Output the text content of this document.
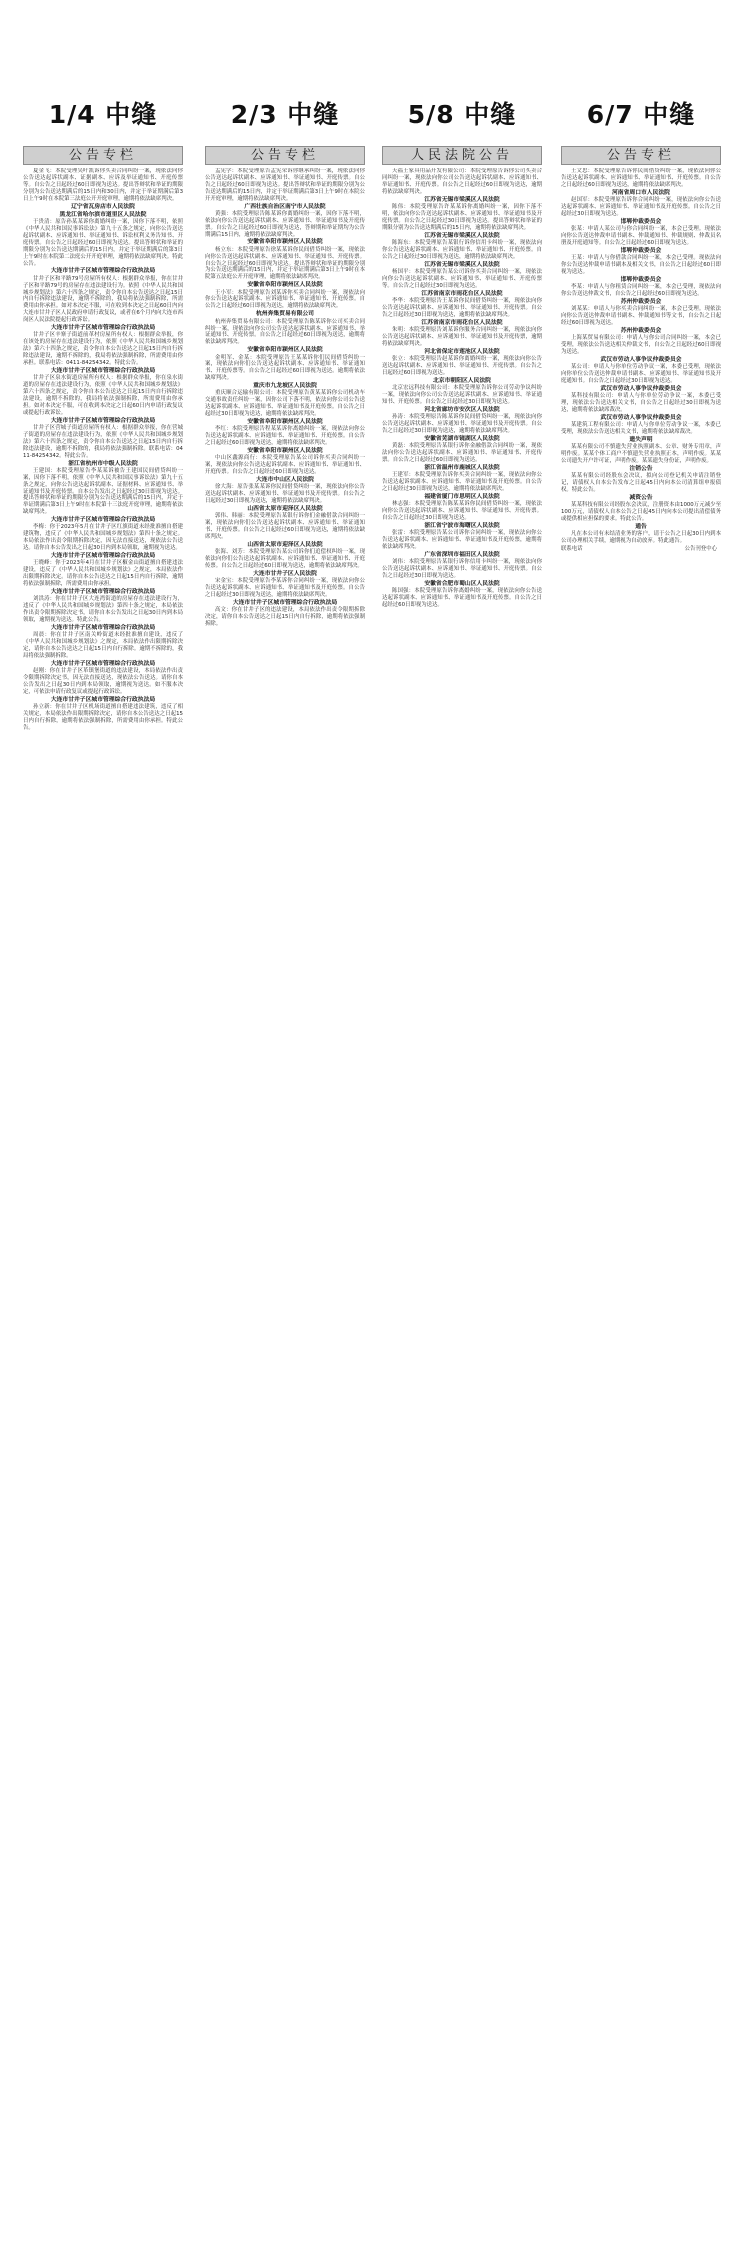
1/4 中缝
公告专栏

夏金飞：本院受理吴叶凯诉你买卖合同纠纷一案，现依法向你公告送达起诉状副本、证据副本、应诉及举证通知书、开庭传票等。自公告之日起经过60日即视为送达。提出答辩状和举证的期限分别为公告送达期满后的15日内和30日内，并定于举证期满后第3日上午9时在本院第三法庭公开开庭审理，逾期将依法缺席判决。

辽宁省瓦房店市人民法院
黑龙江省哈尔滨市道里区人民法院

于贵清：原告孙某某诉你离婚纠纷一案，因你下落不明，依照《中华人民共和国民事诉讼法》第九十五条之规定，向你公告送达起诉状副本、应诉通知书、举证通知书、诉讼权利义务告知书、开庭传票。自公告之日起经过60日即视为送达。提出答辩状和举证的期限分别为公告送达期满后的15日内，并定于举证期满后的第3日上午9时在本院第二法庭公开开庭审理，逾期将依法缺席判决。特此公告。

大连市甘井子区城市管理综合行政执法局

甘井子区和平路79号房屋所有权人：根据群众举报，你在甘井子区和平路79号的房屋存在违法建设行为。依照《中华人民共和国城乡规划法》第六十四条之规定，责令你自本公告送达之日起15日内自行拆除违法建设，逾期不拆除的，我局将依法强制拆除，所需费用由你承担。如对本决定不服，可在收到本决定之日起60日内向大连市甘井子区人民政府申请行政复议，或者在6个月内向大连市西岗区人民法院提起行政诉讼。

大连市甘井子区城市管理综合行政执法局

甘井子区辛寨子街道前革村房屋所有权人：根据群众举报，你在该处的房屋存在违法建设行为，依照《中华人民共和国城乡规划法》第六十四条之规定，责令你自本公告送达之日起15日内自行拆除违法建设，逾期不拆除的，我局将依法强制拆除，所需费用由你承担。联系电话：0411-84254342。特此公告。

大连市甘井子区城市管理综合行政执法局

甘井子区泉水街道房屋所有权人：根据群众举报，你在泉水街道的房屋存在违法建设行为，依照《中华人民共和国城乡规划法》第六十四条之规定，责令你自本公告送达之日起15日内自行拆除违法建设，逾期不拆除的，我局将依法强制拆除，所需费用由你承担。如对本决定不服，可在收到本决定之日起60日内申请行政复议或提起行政诉讼。

大连市甘井子区城市管理综合行政执法局

甘井子区营城子街道房屋所有权人：根据群众举报，你在营城子街道的房屋存在违法建设行为，依照《中华人民共和国城乡规划法》第六十四条之规定，责令你自本公告送达之日起15日内自行拆除违法建设，逾期不拆除的，我局将依法强制拆除。联系电话：0411-84254342。特此公告。

浙江省杭州市中级人民法院

王建国：本院受理原告李某某诉被告王建国民间借贷纠纷一案，因你下落不明，依照《中华人民共和国民事诉讼法》第九十五条之规定，向你公告送达起诉状副本、证据材料、应诉通知书、举证通知书及开庭传票。自本公告发出之日起经过30日即视为送达。提出答辩状和举证的期限分别为公告送达期满后的15日内，并定于举证期满后第3日上午9时在本院第十三法庭开庭审理，逾期将依法缺席判决。

大连市甘井子区城市管理综合行政执法局

李梅：你于2023年5月在甘井子区红旗街道未经批准擅自搭建建筑物，违反了《中华人民共和国城乡规划法》第四十条之规定。本局依法作出责令限期拆除决定，因无法直接送达，现依法公告送达。请你自本公告发出之日起30日内到本局领取，逾期视为送达。

大连市甘井子区城市管理综合行政执法局

王晓峰：你于2023年4月在甘井子区椒金山街道擅自搭建违法建设，违反了《中华人民共和国城乡规划法》之规定，本局依法作出限期拆除决定。请你自本公告送达之日起15日内自行拆除，逾期将依法强制拆除，所需费用由你承担。

大连市甘井子区城市管理综合行政执法局

刘洪涛：你在甘井子区大连湾街道的房屋存在违法建设行为，违反了《中华人民共和国城乡规划法》第四十条之规定，本局依法作出责令限期拆除决定书，请你自本公告发出之日起30日内到本局领取，逾期视为送达。特此公告。

大连市甘井子区城市管理综合行政执法局

周晨：你在甘井子区南关岭街道未经批准擅自建设，违反了《中华人民共和国城乡规划法》之规定，本局依法作出限期拆除决定，请你自本公告送达之日起15日内自行拆除。逾期不拆除的，我局将依法强制拆除。

大连市甘井子区城市管理综合行政执法局

赵刚：你在甘井子区革镇堡街道的违法建设，本局依法作出责令限期拆除决定书，因无法直接送达，现依法公告送达。请你自本公告发出之日起30日内到本局领取，逾期视为送达。如不服本决定，可依法申请行政复议或提起行政诉讼。

大连市甘井子区城市管理综合行政执法局

孙立新：你在甘井子区机场街道擅自搭建违法建筑，违反了相关规定，本局依法作出限期拆除决定，请你自本公告送达之日起15日内自行拆除，逾期将依法强制拆除，所需费用由你承担。特此公告。

2/3 中缝
公告专栏

孟宪学：本院受理原告孟宪荣诉你继承纠纷一案，现依法向你公告送达起诉状副本、应诉通知书、举证通知书、开庭传票。自公告之日起经过60日即视为送达。提出答辩状和举证的期限分别为公告送达期满后的15日内，并定于举证期满后第3日上午9时在本院公开开庭审理，逾期将依法缺席判决。

广西壮族自治区南宁市人民法院

黄强：本院受理原告陈某诉你离婚纠纷一案，因你下落不明，依法向你公告送达起诉状副本、应诉通知书、举证通知书及开庭传票。自公告之日起经过60日即视为送达，答辩期和举证期均为公告期满后15日内，逾期将依法缺席判决。

安徽省阜阳市颍州区人民法院

杨立东：本院受理原告徐某某诉你民间借贷纠纷一案，现依法向你公告送达起诉状副本、应诉通知书、举证通知书、开庭传票。自公告之日起经过60日即视为送达。提出答辩状和举证的期限分别为公告送达期满后的15日内，并定于举证期满后第3日上午9时在本院第五法庭公开开庭审理，逾期将依法缺席判决。

安徽省阜阳市颍州区人民法院

王小军：本院受理原告刘某诉你买卖合同纠纷一案，现依法向你公告送达起诉状副本、应诉通知书、举证通知书、开庭传票。自公告之日起经过60日即视为送达，逾期将依法缺席判决。

杭州奔集贸易有限公司

杭州奔集贸易有限公司：本院受理原告陈某诉你公司买卖合同纠纷一案，现依法向你公司公告送达起诉状副本、应诉通知书、举证通知书、开庭传票。自公告之日起经过60日即视为送达，逾期将依法缺席判决。

安徽省阜阳市颍州区人民法院

金明军、金某：本院受理原告王某某诉你们民间借贷纠纷一案，现依法向你们公告送达起诉状副本、应诉通知书、举证通知书、开庭传票等。自公告之日起经过60日即视为送达。逾期将依法缺席判决。

重庆市九龙坡区人民法院

重庆顺合运输有限公司：本院受理原告黄某某诉你公司机动车交通事故责任纠纷一案，因你公司下落不明，依法向你公司公告送达起诉状副本、应诉通知书、举证通知书及开庭传票。自公告之日起经过30日即视为送达，逾期将依法缺席判决。

安徽省阜阳市颍州区人民法院

李红：本院受理原告程某某诉你离婚纠纷一案，现依法向你公告送达起诉状副本、应诉通知书、举证通知书、开庭传票。自公告之日起经过60日即视为送达，逾期将依法缺席判决。

安徽省阜阳市颍州区人民法院

中山区鑫源商行：本院受理原告某公司诉你买卖合同纠纷一案，现依法向你公告送达起诉状副本、应诉通知书、举证通知书、开庭传票。自公告之日起经过60日即视为送达。

大连市中山区人民法院

徐大海：原告张某某诉你民间借贷纠纷一案，现依法向你公告送达起诉状副本、应诉通知书、举证通知书及开庭传票。自公告之日起经过30日即视为送达，逾期将依法缺席判决。

山西省太原市迎泽区人民法院

郭伟、韩丽：本院受理原告某银行诉你们金融借款合同纠纷一案，现依法向你们公告送达起诉状副本、应诉通知书、举证通知书、开庭传票。自公告之日起经过60日即视为送达，逾期将依法缺席判决。

山西省太原市迎泽区人民法院

张海、刘芳：本院受理原告某公司诉你们追偿权纠纷一案，现依法向你们公告送达起诉状副本、应诉通知书、举证通知书、开庭传票。自公告之日起经过60日即视为送达，逾期将依法缺席判决。

大连市甘井子区人民法院

宋金宝：本院受理原告李某诉你合同纠纷一案，现依法向你公告送达起诉状副本、应诉通知书、举证通知书及开庭传票。自公告之日起经过30日即视为送达，逾期将依法缺席判决。

大连市甘井子区城市管理综合行政执法局

高文：你在甘井子区的违法建设，本局依法作出责令限期拆除决定，请你自本公告送达之日起15日内自行拆除，逾期将依法强制拆除。

5/8 中缝
人民法院公告

天福王家具用品开发有限公司：本院受理原告诉你公司买卖合同纠纷一案，现依法向你公司公告送达起诉状副本、应诉通知书、举证通知书、开庭传票。自公告之日起经过60日即视为送达，逾期将依法缺席判决。

江苏省无锡市梁溪区人民法院

陈伟：本院受理原告许某某诉你离婚纠纷一案，因你下落不明，依法向你公告送达起诉状副本、应诉通知书、举证通知书及开庭传票。自公告之日起经过30日即视为送达。提出答辩状和举证的期限分别为公告送达期满后的15日内，逾期将依法缺席判决。

江苏省无锡市梁溪区人民法院

陈海东：本院受理原告某银行诉你信用卡纠纷一案，现依法向你公告送达起诉状副本、应诉通知书、举证通知书、开庭传票。自公告之日起经过30日即视为送达，逾期将依法缺席判决。

江苏省无锡市梁溪区人民法院

杨国平：本院受理原告某公司诉你买卖合同纠纷一案，现依法向你公告送达起诉状副本、应诉通知书、举证通知书、开庭传票等。自公告之日起经过30日即视为送达。

江苏省南京市雨花台区人民法院

李华：本院受理原告王某诉你民间借贷纠纷一案，现依法向你公告送达起诉状副本、应诉通知书、举证通知书、开庭传票。自公告之日起经过30日即视为送达，逾期将依法缺席判决。

江苏省南京市雨花台区人民法院

朱明：本院受理原告刘某诉你服务合同纠纷一案，现依法向你公告送达起诉状副本、应诉通知书、举证通知书及开庭传票，逾期将依法缺席判决。

河北省保定市莲池区人民法院

张立：本院受理原告赵某诉你离婚纠纷一案，现依法向你公告送达起诉状副本、应诉通知书、举证通知书、开庭传票。自公告之日起经过60日即视为送达。

北京市朝阳区人民法院

北京宏远科技有限公司：本院受理原告诉你公司劳动争议纠纷一案，现依法向你公司公告送达起诉状副本、应诉通知书、举证通知书、开庭传票。自公告之日起经过30日即视为送达。

河北省廊坊市安次区人民法院

孙涛：本院受理原告陈某诉你民间借贷纠纷一案，现依法向你公告送达起诉状副本、应诉通知书、举证通知书及开庭传票。自公告之日起经过30日即视为送达，逾期将依法缺席判决。

安徽省芜湖市镜湖区人民法院

黄磊：本院受理原告某银行诉你金融借款合同纠纷一案，现依法向你公告送达起诉状副本、应诉通知书、举证通知书、开庭传票。自公告之日起经过60日即视为送达。

浙江省温州市鹿城区人民法院

王建军：本院受理原告诉你买卖合同纠纷一案，现依法向你公告送达起诉状副本、应诉通知书、举证通知书及开庭传票。自公告之日起经过30日即视为送达，逾期将依法缺席判决。

福建省厦门市思明区人民法院

林志强：本院受理原告陈某某诉你民间借贷纠纷一案，现依法向你公告送达起诉状副本、应诉通知书、举证通知书、开庭传票。自公告之日起经过30日即视为送达。

浙江省宁波市海曙区人民法院

张雷：本院受理原告某公司诉你合同纠纷一案，现依法向你公告送达起诉状副本、应诉通知书、举证通知书及开庭传票，逾期将依法缺席判决。

广东省深圳市福田区人民法院

刘伟：本院受理原告某银行诉你信用卡纠纷一案，现依法向你公告送达起诉状副本、应诉通知书、举证通知书、开庭传票。自公告之日起经过30日即视为送达。

安徽省合肥市蜀山区人民法院

陈国强：本院受理原告诉你离婚纠纷一案，现依法向你公告送达起诉状副本、应诉通知书、举证通知书及开庭传票。自公告之日起经过60日即视为送达。

6/7 中缝
公告专栏

王文忠：本院受理原告诉你民间借贷纠纷一案，现依法向你公告送达起诉状副本、应诉通知书、举证通知书、开庭传票。自公告之日起经过60日即视为送达，逾期将依法缺席判决。

河南省周口市人民法院

赵国军：本院受理原告诉你合同纠纷一案，现依法向你公告送达起诉状副本、应诉通知书、举证通知书及开庭传票。自公告之日起经过30日即视为送达。

邯郸仲裁委员会

张某：申请人某公司与你合同纠纷一案，本会已受理。现依法向你公告送达仲裁申请书副本、仲裁通知书、仲裁规则、仲裁员名册及开庭通知等。自公告之日起经过60日即视为送达。

邯郸仲裁委员会

王某：申请人与你借款合同纠纷一案，本会已受理。现依法向你公告送达仲裁申请书副本及相关文书，自公告之日起经过60日即视为送达。

邯郸仲裁委员会

李某：申请人与你租赁合同纠纷一案，本会已受理，现依法向你公告送达仲裁文书，自公告之日起经过60日即视为送达。

苏州仲裁委员会

刘某某：申请人与你买卖合同纠纷一案，本会已受理。现依法向你公告送达仲裁申请书副本、仲裁通知书等文书，自公告之日起经过60日即视为送达。

苏州仲裁委员会

上海某贸易有限公司：申请人与你公司合同纠纷一案，本会已受理，现依法公告送达相关仲裁文书，自公告之日起经过60日即视为送达。

武汉市劳动人事争议仲裁委员会

某公司：申请人与你单位劳动争议一案，本委已受理，现依法向你单位公告送达仲裁申请书副本、应诉通知书、举证通知书及开庭通知书。自公告之日起经过30日即视为送达。

武汉市劳动人事争议仲裁委员会

某科技有限公司：申请人与你单位劳动争议一案，本委已受理，现依法公告送达相关文书，自公告之日起经过30日即视为送达，逾期将依法缺席裁决。

武汉市劳动人事争议仲裁委员会

某建筑工程有限公司：申请人与你单位劳动争议一案，本委已受理，现依法公告送达相关文书，逾期将依法缺席裁决。

遗失声明

某某有限公司不慎遗失营业执照副本、公章、财务专用章，声明作废。某某个体工商户不慎遗失营业执照正本，声明作废。某某公司遗失开户许可证，声明作废。某某遗失身份证，声明作废。

注销公告

某某有限公司经股东会决议，拟向公司登记机关申请注销登记，请债权人自本公告发布之日起45日内向本公司清算组申报债权。特此公告。

减资公告

某某科技有限公司经股东会决议，注册资本由1000万元减少至100万元，请债权人自本公告之日起45日内向本公司提出清偿债务或提供相应担保的要求。特此公告。

通告

凡在本公司有未结清业务的客户，请于公告之日起30日内到本公司办理相关手续，逾期视为自动放弃。特此通告。

联系电话	公告刊登中心
